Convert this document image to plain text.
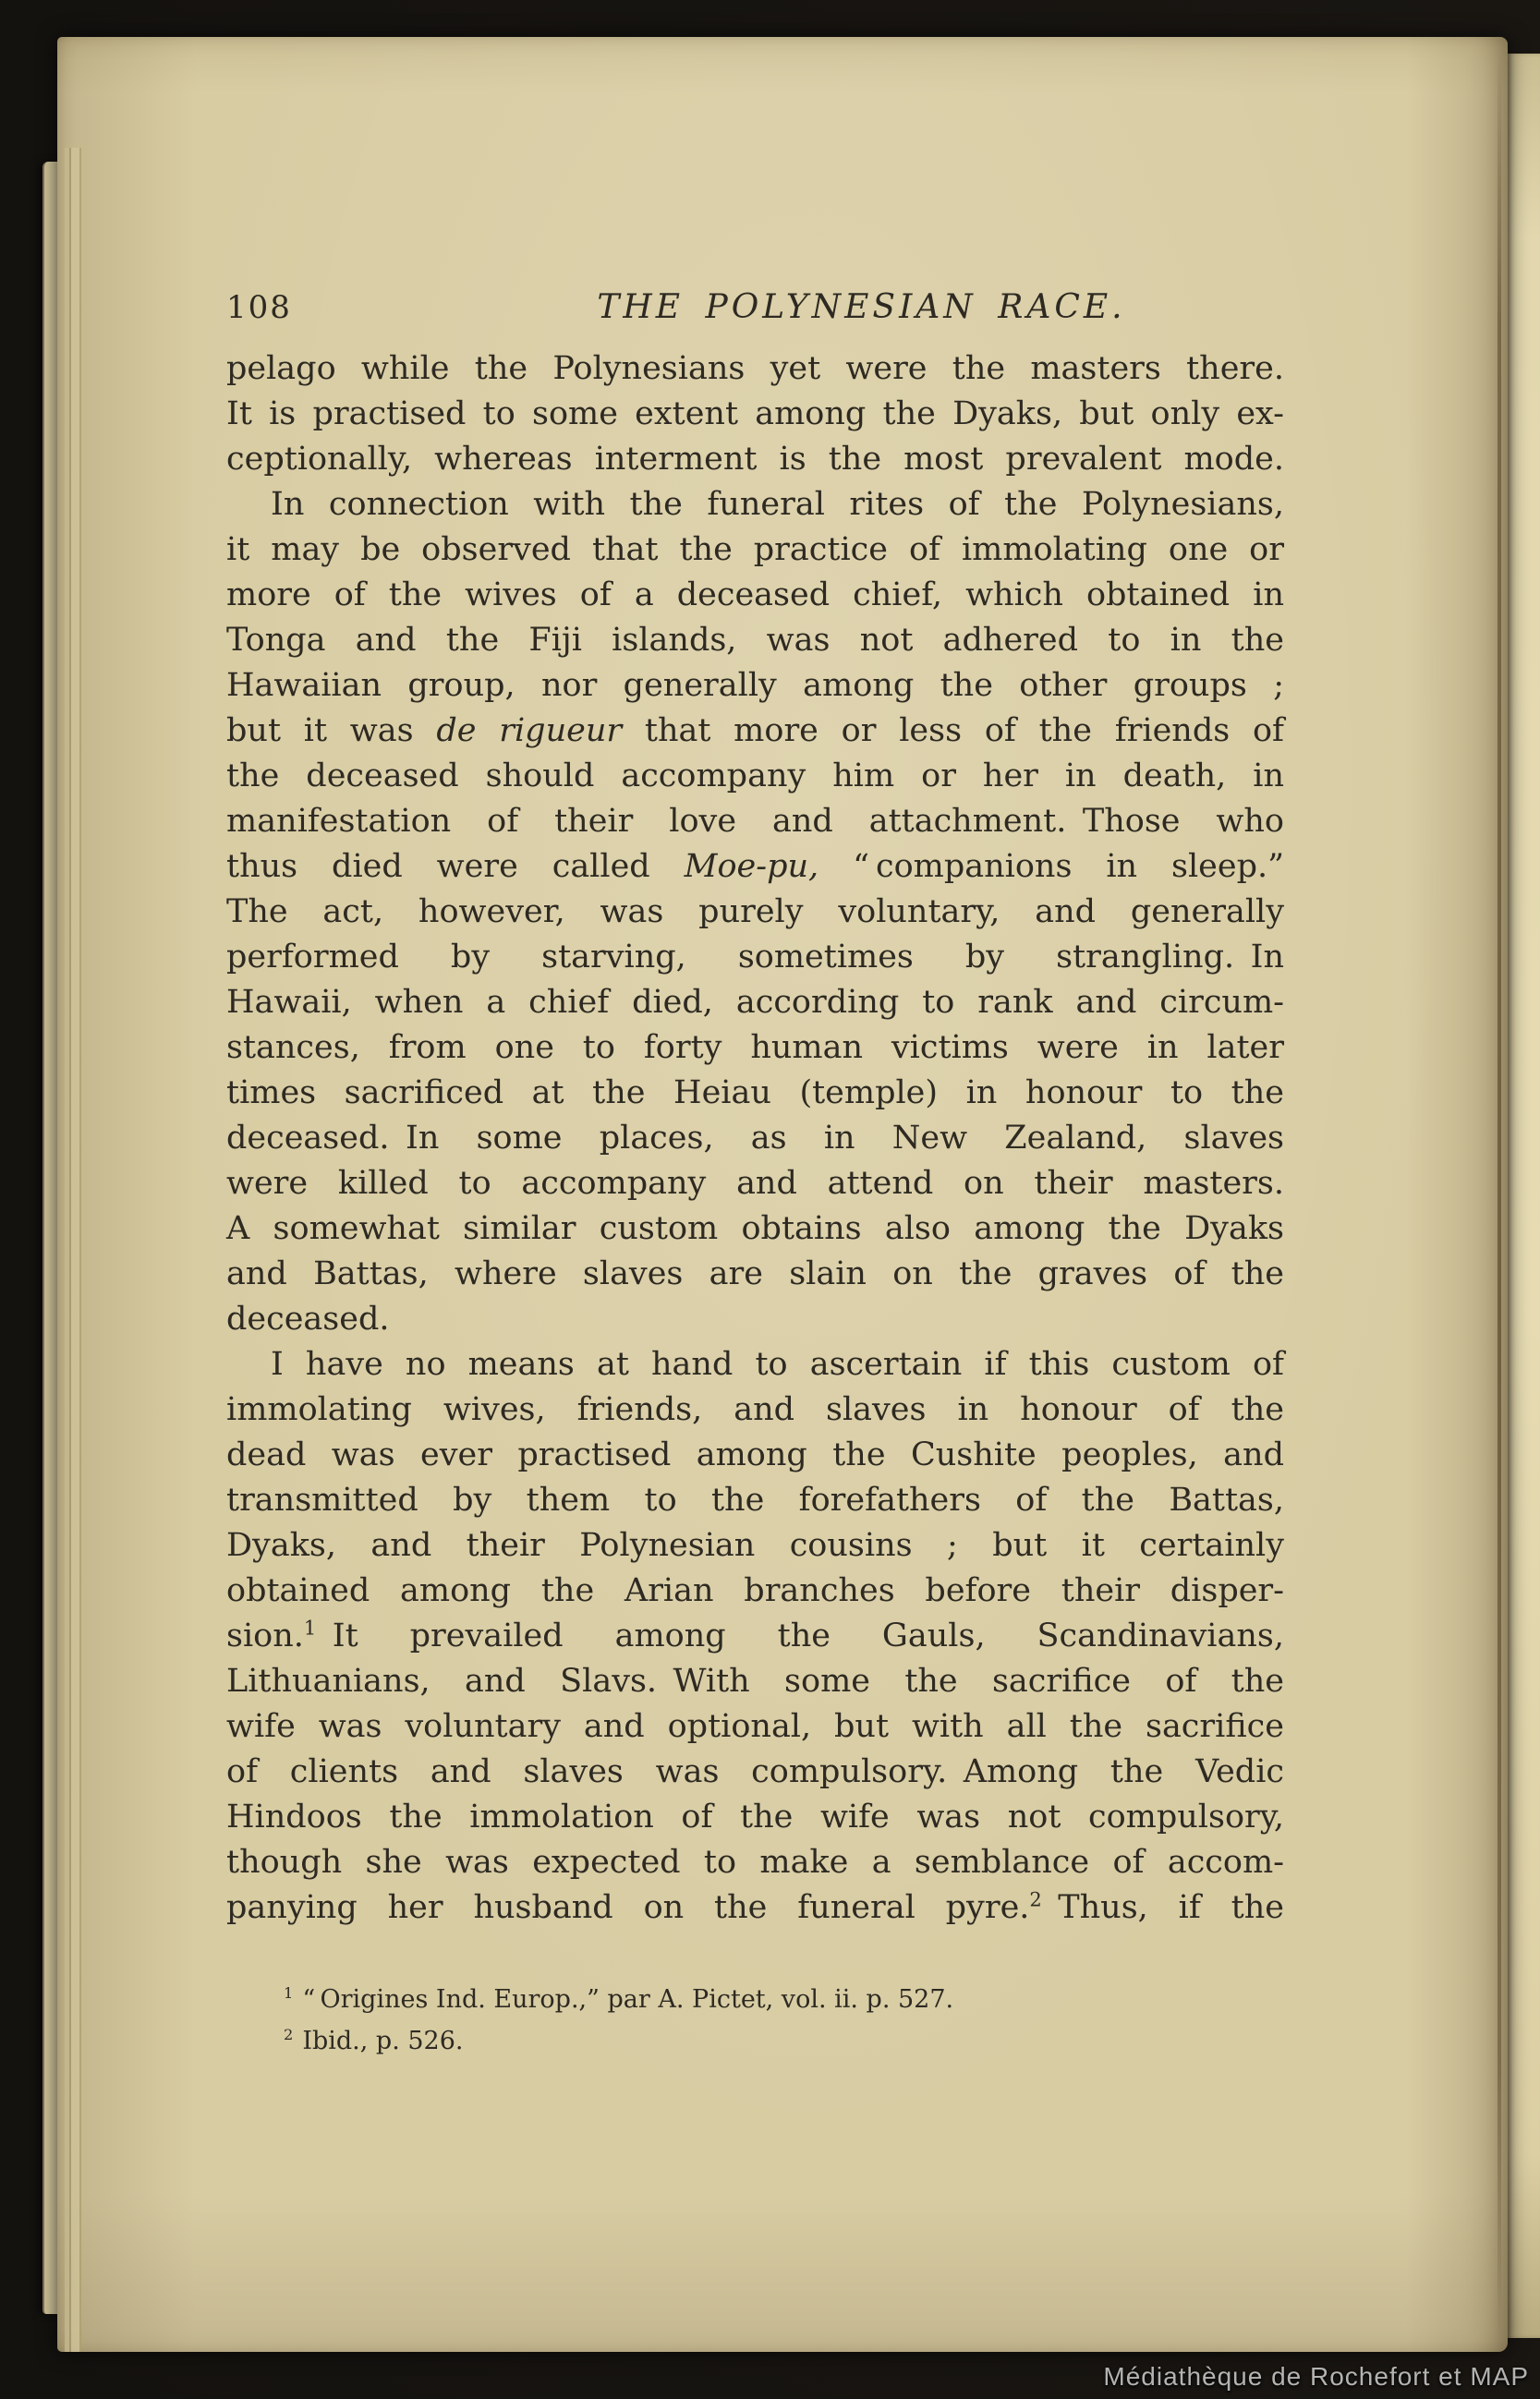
108	THE POLYNESIAN RACE.
pelago while the Polynesians yet were the masters there.
It is practised to some extent among the Dyaks, but only ex-
ceptionally, whereas interment is the most prevalent mode.
In connection with the funeral rites of the Polynesians,
it may be observed that the practice of immolating one or
more of the wives of a deceased chief, which obtained in
Tonga and the Fiji islands, was not adhered to in the
Hawaiian group, nor generally among the other groups ;
but it was de rigueur that more or less of the friends of
the deceased should accompany him or her in death, in
manifestation of their love and attachment. Those who
thus died were called Moe-pu, “ companions in sleep.”
The act, however, was purely voluntary, and generally
performed by starving, sometimes by strangling. In
Hawaii, when a chief died, according to rank and circum-
stances, from one to forty human victims were in later
times sacrificed at the Heiau (temple) in honour to the
deceased. In some places, as in New Zealand, slaves
were killed to accompany and attend on their masters.
A somewhat similar custom obtains also among the Dyaks
and Battas, where slaves are slain on the graves of the
deceased.
I have no means at hand to ascertain if this custom of
immolating wives, friends, and slaves in honour of the
dead was ever practised among the Cushite peoples, and
transmitted by them to the forefathers of the Battas,
Dyaks, and their Polynesian cousins ; but it certainly
obtained among the Arian branches before their disper-
sion.$^1$ It prevailed among the Gauls, Scandinavians,
Lithuanians, and Slavs. With some the sacrifice of the
wife was voluntary and optional, but with all the sacrifice
of clients and slaves was compulsory. Among the Vedic
Hindoos the immolation of the wife was not compulsory,
though she was expected to make a semblance of accom-
panying her husband on the funeral pyre.$^2$ Thus, if the
$^1$ “ Origines Ind. Europ.,” par A. Pictet, vol. ii. p. 527.
$^2$ Ibid., p. 526.
Médiathèque de Rochefort et MAP
